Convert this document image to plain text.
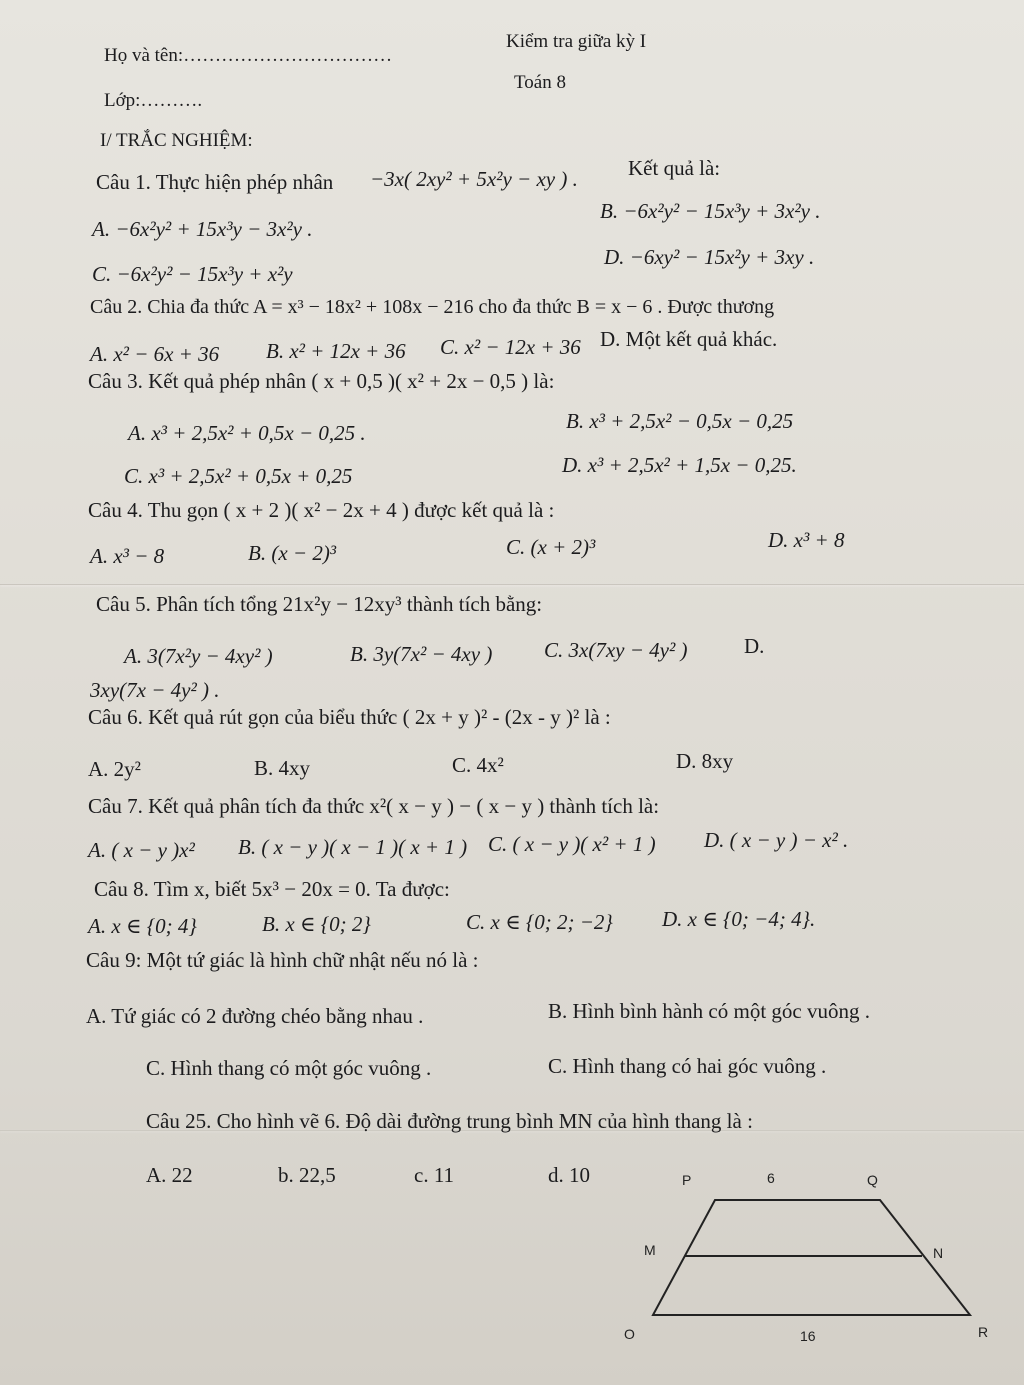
Họ và tên:……………………………
Kiểm tra giữa kỳ I
Lớp:……….
Toán 8
I/ TRẮC NGHIỆM:
Câu 1. Thực hiện phép nhân −3x( 2xy² + 5x²y − xy ) . Kết quả là:
A. −6x²y² + 15x³y − 3x²y .
B. −6x²y² − 15x³y + 3x²y .
C. −6x²y² − 15x³y + x²y
D. −6xy² − 15x²y + 3xy .
Câu 2. Chia đa thức A = x³ − 18x² + 108x − 216 cho đa thức B = x − 6 . Được thương
A. x² − 6x + 36 B. x² + 12x + 36 C. x² − 12x + 36 D. Một kết quả khác.
Câu 3. Kết quả phép nhân ( x + 0,5 )( x² + 2x − 0,5 ) là:
A. x³ + 2,5x² + 0,5x − 0,25 .	B. x³ + 2,5x² − 0,5x − 0,25
C. x³ + 2,5x² + 0,5x + 0,25	D. x³ + 2,5x² + 1,5x − 0,25.
Câu 4. Thu gọn ( x + 2 )( x² − 2x + 4 ) được kết quả là :
A. x³ − 8	B. (x − 2)³	C. (x + 2)³	D. x³ + 8
Câu 5. Phân tích tổng 21x²y − 12xy³ thành tích bằng:
A. 3(7x²y − 4xy² )	B. 3y(7x² − 4xy ) C. 3x(7xy − 4y² )	D.
3xy(7x − 4y² ) .
Câu 6. Kết quả rút gọn của biểu thức ( 2x + y )² - (2x - y )² là :
A. 2y²	B. 4xy	C. 4x²	D. 8xy
Câu 7. Kết quả phân tích đa thức x²( x − y ) − ( x − y ) thành tích là:
A. ( x − y )x² B. ( x − y )( x − 1 )( x + 1 ) C. ( x − y )( x² + 1 ) D. ( x − y ) − x² .
Câu 8. Tìm x, biết 5x³ − 20x = 0. Ta được:
A. x ∈ {0; 4}	B. x ∈ {0; 2}	C. x ∈ {0; 2; −2} D. x ∈ {0; −4; 4}.
Câu 9: Một tứ giác là hình chữ nhật nếu nó là :
A. Tứ giác có 2 đường chéo bằng nhau .	B. Hình bình hành có một góc vuông .
C. Hình thang có một góc vuông .	C. Hình thang có hai góc vuông .
Câu 25. Cho hình vẽ 6. Độ dài đường trung bình MN của hình thang là :
A. 22	b. 22,5	c. 11	d. 10	P	6	Q
M	N
O	16	R
